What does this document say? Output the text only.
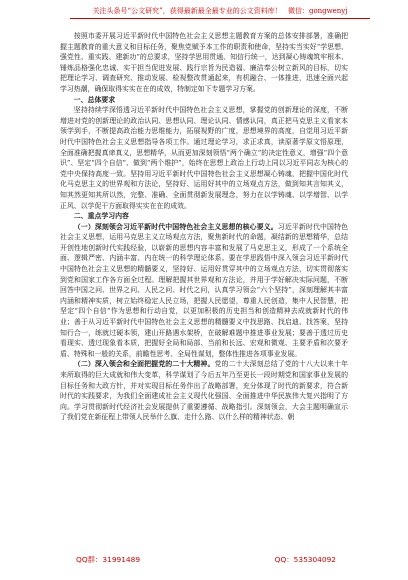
关注头条号“公文研究”，获得最新最全最专业的公文资料库！ 微信：gongwenyj

按照市委开展习近平新时代中国特色社会主义思想主题教育方案的总体安排部署，准确把握主题教育的重大意义和目标任务，聚焦党赋予本工作的职责和使命，坚持实当实好“学思想、强党性、重实践、建新功”的总要求，坚持学思用贯通、知信行统一，达到凝心铸魂筑牢根本、锤炼品格强化忠诚、实干担当促进发展、践行宗旨为民造福、廉洁奉公树立新风的目标，切实把理论学习、调查研究、推动发展、检视整改贯通起来，有机融合、一体推进，迅速全面兴起学习热潮，确保取得实实在在的成效，特制定如下专题学习方案。

一、总体要求

坚持持续学深悟透习近平新时代中国特色社会主义思想，掌握党的创新理论的深度，不断增进对党的创新理论的政治认同、思想认同、理论认同、情感认同，真正把马克思主义看家本领学到手，不断提高政治能力思维能力，拓展视野的广度，思想境界的高度，自觉用习近平新时代中国特色社会主义思想指导各项工作。通过理论学习，求正求真，读原著学原文悟原理，全面准确把握真谛真义，思想精华，从而更加深刻领悟“两个确立”的决定性意义，增强“四个意识”、坚定“四个自信”、做到“两个维护”，始终在思想上政治上行动上同以习近平同志为核心的党中央保持高度一致。坚持用习近平新时代中国特色社会主义思想凝心铸魂，把握中国化时代化马克思主义的世界观和方法论，坚持好、运用好其中的立场观点方法，做到知其言知其义，知其然更知其所以然，完整、准确、全面贯彻新发展理念，努力在以学铸魂、以学增智、以学正风、以学促干方面取得实实在在的成效。

二、重点学习内容

（一）深刻领会习近平新时代中国特色社会主义思想的核心要义。习近平新时代中国特色社会主义思想，运用马克思主义立场观点方法，聚焦新时代的命题，凝结新的思想精华，总结开创性地创新时代实践经验，以崭新的思想内容丰富和发展了马克思主义，形成了一个系统全面、逻辑严密、内涵丰富、内在统一的科学理论体系。要在学思践悟中深入领会习近平新时代中国特色社会主义思想的精髓要义，坚持好、运用好贯穿其中的立场观点方法，切实贯彻落实到党和国家工作各方面全过程。理解把握其世界观和方法论，并用于学好解决实际问题，不断回答中国之问、世界之问、人民之问、时代之问，认真学习领会“六个坚持”，深刻理解其丰富内涵和精神实质，树立始终稳定人民立场，把握人民愿望，尊重人民创造，集中人民智慧，把坚定“四个自信”作为思想和行动自觉，以更加积极的历史担当和创造精神去成就新时代的伟业；善于从习近平新时代中国特色社会主义思想的精髓要义中找思路、找启迪、找答案，坚持知行合一，练就过硬本领，建山开路遇水架桥，在破解难题中推进事业发展；要善于透过历史看现实、透过现象看本质，把握好全局和局部、当前和长远、宏观和微观、主要矛盾和次要矛盾、特殊和一般的关系，前瞻性思考、全局性谋划，整体性推进各项事业发展。

（二）深入领会和全面把握党的二十大精神。党的二十大深刻总结了党的十八大以来十年来所取得的巨大成就和伟大变革，科学谋划了今后五年乃至更长一段时期党和国家事业发展的目标任务和大政方针，并对实现目标任务作出了战略部署，充分体现了时代的新要求，符合新时代的实践要求，为我们全面建成社会主义现代化强国、全面推进中华民族伟大复兴指明了方向。学习贯彻新时代经济社会发展提供了重要遵循、战略指引。深刻领会，大会主题明确宣示了我们党在新征程上带领人民举什么旗、走什么路、以什么样的精神状态、朝

QQ群：31991489	QQ：535304092
